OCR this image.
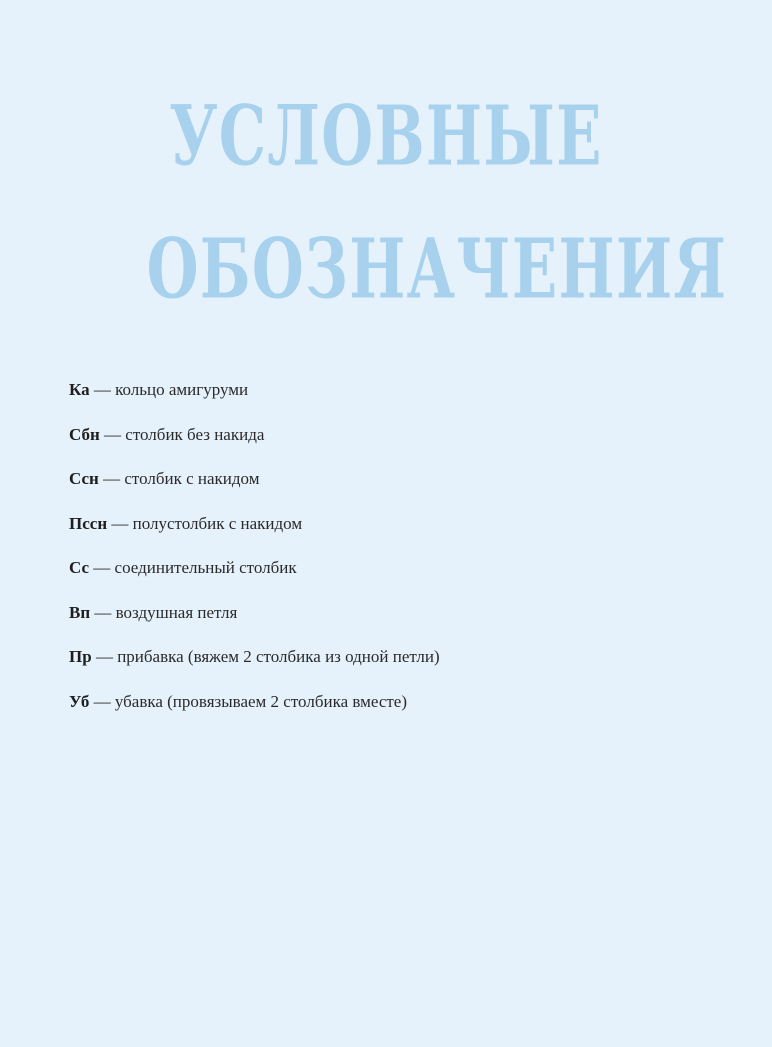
УСЛОВНЫЕ
ОБОЗНАЧЕНИЯ
Ка — кольцо амигуруми
Сбн — столбик без накида
Ссн — столбик с накидом
Пссн — полустолбик с накидом
Сс — соединительный столбик
Вп — воздушная петля
Пр — прибавка (вяжем 2 столбика из одной петли)
Уб — убавка (провязываем 2 столбика вместе)
